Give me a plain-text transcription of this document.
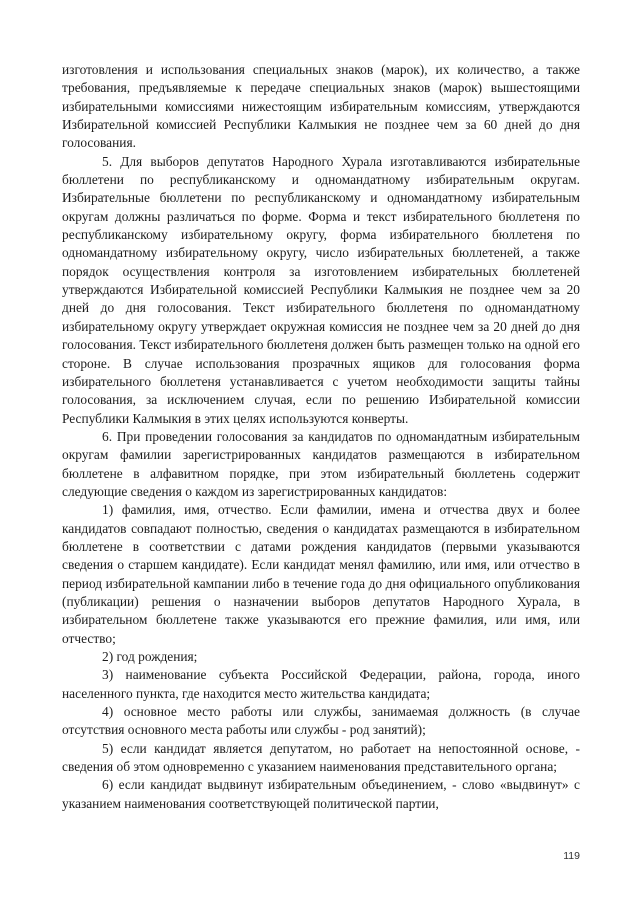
изготовления и использования специальных знаков (марок), их количество, а также требования, предъявляемые к передаче специальных знаков (марок) вышестоящими избирательными комиссиями нижестоящим избирательным комиссиям, утверждаются Избирательной комиссией Республики Калмыкия не позднее чем за 60 дней до дня голосования.

5. Для выборов депутатов Народного Хурала изготавливаются избирательные бюллетени по республиканскому и одномандатному избирательным округам. Избирательные бюллетени по республиканскому и одномандатному избирательным округам должны различаться по форме. Форма и текст избирательного бюллетеня по республиканскому избирательному округу, форма избирательного бюллетеня по одномандатному избирательному округу, число избирательных бюллетеней, а также порядок осуществления контроля за изготовлением избирательных бюллетеней утверждаются Избирательной комиссией Республики Калмыкия не позднее чем за 20 дней до дня голосования. Текст избирательного бюллетеня по одномандатному избирательному округу утверждает окружная комиссия не позднее чем за 20 дней до дня голосования. Текст избирательного бюллетеня должен быть размещен только на одной его стороне. В случае использования прозрачных ящиков для голосования форма избирательного бюллетеня устанавливается с учетом необходимости защиты тайны голосования, за исключением случая, если по решению Избирательной комиссии Республики Калмыкия в этих целях используются конверты.

6. При проведении голосования за кандидатов по одномандатным избирательным округам фамилии зарегистрированных кандидатов размещаются в избирательном бюллетене в алфавитном порядке, при этом избирательный бюллетень содержит следующие сведения о каждом из зарегистрированных кандидатов:

1) фамилия, имя, отчество. Если фамилии, имена и отчества двух и более кандидатов совпадают полностью, сведения о кандидатах размещаются в избирательном бюллетене в соответствии с датами рождения кандидатов (первыми указываются сведения о старшем кандидате). Если кандидат менял фамилию, или имя, или отчество в период избирательной кампании либо в течение года до дня официального опубликования (публикации) решения о назначении выборов депутатов Народного Хурала, в избирательном бюллетене также указываются его прежние фамилия, или имя, или отчество;

2) год рождения;

3) наименование субъекта Российской Федерации, района, города, иного населенного пункта, где находится место жительства кандидата;

4) основное место работы или службы, занимаемая должность (в случае отсутствия основного места работы или службы - род занятий);

5) если кандидат является депутатом, но работает на непостоянной основе, - сведения об этом одновременно с указанием наименования представительного органа;

6) если кандидат выдвинут избирательным объединением, - слово «выдвинут» с указанием наименования соответствующей политической партии,

119
